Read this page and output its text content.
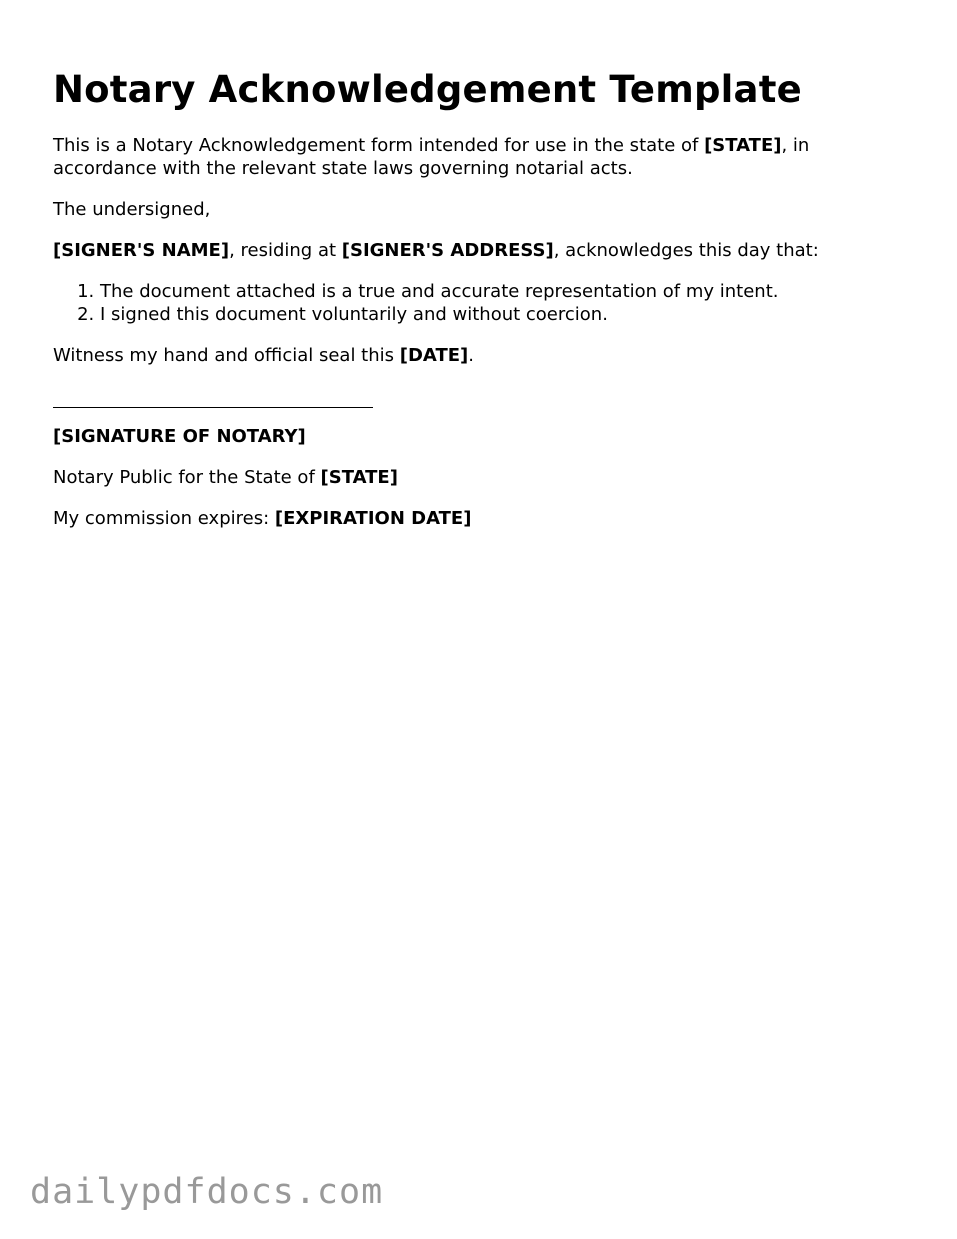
Notary Acknowledgement Template

This is a Notary Acknowledgement form intended for use in the state of [STATE], in accordance with the relevant state laws governing notarial acts.

The undersigned,

[SIGNER'S NAME], residing at [SIGNER'S ADDRESS], acknowledges this day that:

1. The document attached is a true and accurate representation of my intent.
2. I signed this document voluntarily and without coercion.

Witness my hand and official seal this [DATE].

[SIGNATURE OF NOTARY]

Notary Public for the State of [STATE]

My commission expires: [EXPIRATION DATE]

dailypdfdocs.com
